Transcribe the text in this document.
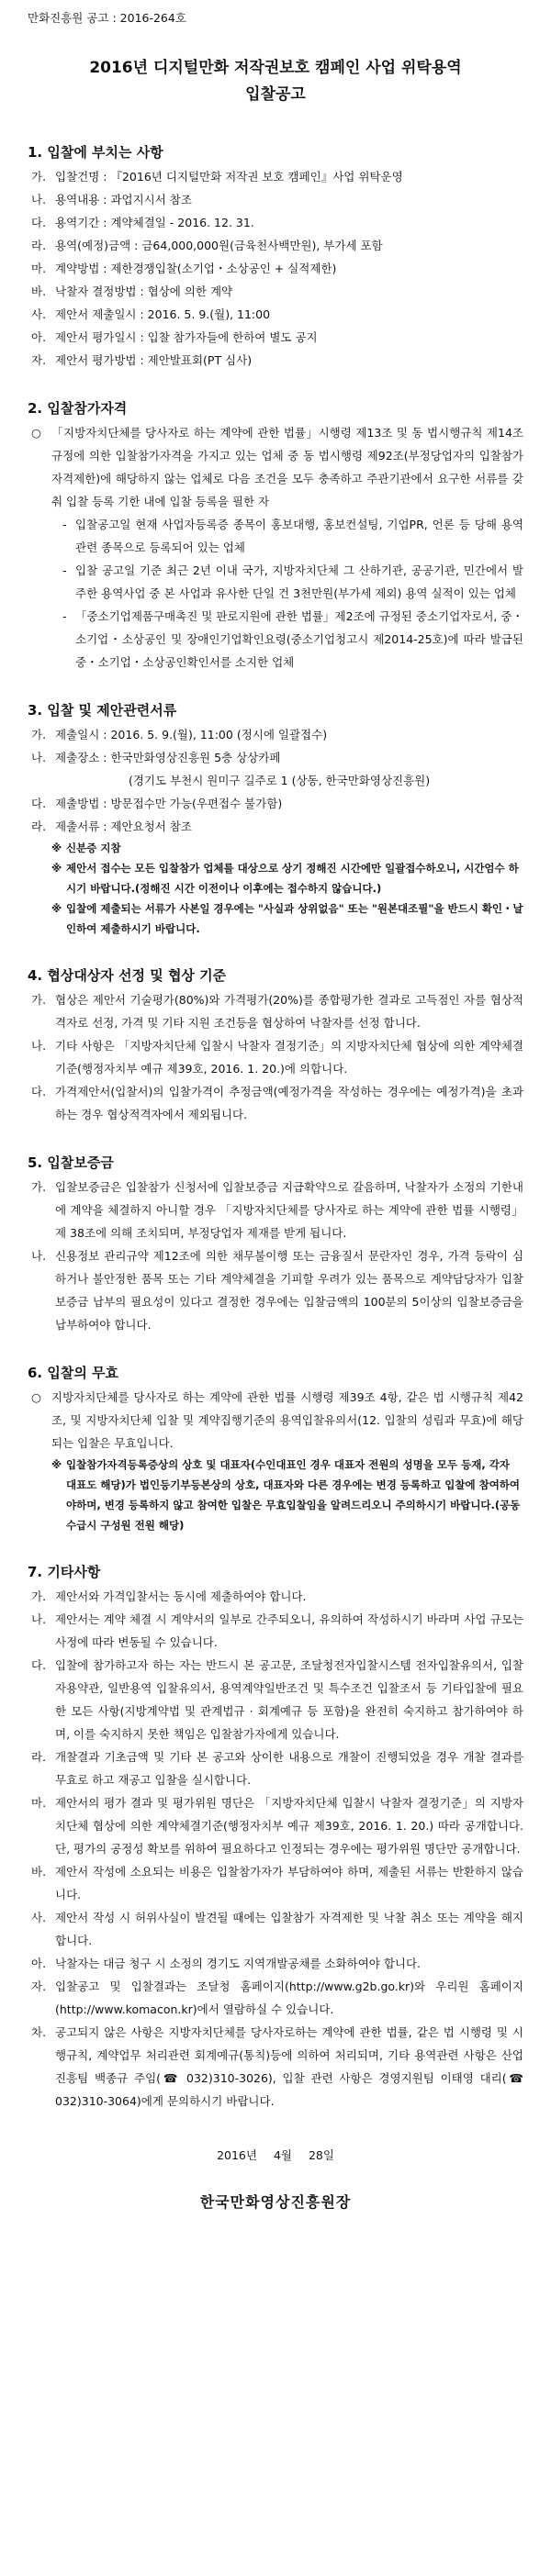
만화진흥원 공고 : 2016-264호
2016년 디지털만화 저작권보호 캠페인 사업 위탁용역
입찰공고
1. 입찰에 부치는 사항
가. 입찰건명 : 『2016년 디지털만화 저작권 보호 캠페인』사업 위탁운영
나. 용역내용 : 과업지시서 참조
다. 용역기간 : 계약체결일 - 2016. 12. 31.
라. 용역(예정)금액 : 금64,000,000원(금육천사백만원), 부가세 포함
마. 계약방법 : 제한경쟁입찰(소기업・소상공인 + 실적제한)
바. 낙찰자 결정방법 : 협상에 의한 계약
사. 제안서 제출일시 : 2016. 5. 9.(월), 11:00
아. 제안서 평가일시 : 입찰 참가자들에 한하여 별도 공지
자. 제안서 평가방법 : 제안발표회(PT 심사)
2. 입찰참가자격
○ 「지방자치단체를 당사자로 하는 계약에 관한 법률」시행령 제13조 및 동 법시행규칙 제14조 규정에 의한 입찰참가자격을 가지고 있는 업체 중 동 법시행령 제92조(부정당업자의 입찰참가자격제한)에 해당하지 않는 업체로 다음 조건을 모두 충족하고 주관기관에서 요구한 서류를 갖춰 입찰 등록 기한 내에 입찰 등록을 필한 자
- 입찰공고일 현재 사업자등록증 종목이 홍보대행, 홍보컨설팅, 기업PR, 언론 등 당해 용역 관련 종목으로 등록되어 있는 업체
- 입찰 공고일 기준 최근 2년 이내 국가, 지방자치단체 그 산하기관, 공공기관, 민간에서 발주한 용역사업 중 본 사업과 유사한 단일 건 3천만원(부가세 제외) 용역 실적이 있는 업체
- 「중소기업제품구매촉진 및 판로지원에 관한 법률」제2조에 규정된 중소기업자로서, 중・소기업・소상공인 및 장애인기업확인요령(중소기업청고시 제2014-25호)에 따라 발급된 중・소기업・소상공인확인서를 소지한 업체
3. 입찰 및 제안관련서류
가. 제출일시 : 2016. 5. 9.(월), 11:00 (정시에 일괄접수)
나. 제출장소 : 한국만화영상진흥원 5층 상상카페
(경기도 부천시 원미구 길주로 1 (상동, 한국만화영상진흥원)
다. 제출방법 : 방문접수만 가능(우편접수 불가함)
라. 제출서류 : 제안요청서 참조
※ 신분증 지참
※ 제안서 접수는 모든 입찰참가 업체를 대상으로 상기 정해진 시간에만 일괄접수하오니, 시간엄수 하시기 바랍니다.(정해진 시간 이전이나 이후에는 접수하지 않습니다.)
※ 입찰에 제출되는 서류가 사본일 경우에는 "사실과 상위없음" 또는 "원본대조필"을 반드시 확인・날인하여 제출하시기 바랍니다.
4. 협상대상자 선정 및 협상 기준
가. 협상은 제안서 기술평가(80%)와 가격평가(20%)를 종합평가한 결과로 고득점인 자를 협상적격자로 선정, 가격 및 기타 지원 조건등을 협상하여 낙찰자를 선정 합니다.
나. 기타 사항은 「지방자치단체 입찰시 낙찰자 결정기준」의 지방자치단체 협상에 의한 계약체결기준(행정자치부 예규 제39호, 2016. 1. 20.)에 의합니다.
다. 가격제안서(입찰서)의 입찰가격이 추정금액(예정가격을 작성하는 경우에는 예정가격)을 초과하는 경우 협상적격자에서 제외됩니다.
5. 입찰보증금
가. 입찰보증금은 입찰참가 신청서에 입찰보증금 지급확약으로 갈음하며, 낙찰자가 소정의 기한내에 계약을 체결하지 아니할 경우 「지방자치단체를 당사자로 하는 계약에 관한 법률 시행령」제 38조에 의해 조치되며, 부정당업자 제재를 받게 됩니다.
나. 신용정보 관리규약 제12조에 의한 채무불이행 또는 금융질서 문란자인 경우, 가격 등락이 심하거나 불안정한 품목 또는 기타 계약체결을 기피할 우려가 있는 품목으로 계약담당자가 입찰보증금 납부의 필요성이 있다고 결정한 경우에는 입찰금액의 100분의 5이상의 입찰보증금을 납부하여야 합니다.
6. 입찰의 무효
○ 지방자치단체를 당사자로 하는 계약에 관한 법률 시행령 제39조 4항, 같은 법 시행규칙 제42조, 및 지방자치단체 입찰 및 계약집행기준의 용역입찰유의서(12. 입찰의 성립과 무효)에 해당되는 입찰은 무효입니다.
※ 입찰참가자격등록증상의 상호 및 대표자(수인대표인 경우 대표자 전원의 성명을 모두 등재, 각자 대표도 해당)가 법인등기부등본상의 상호, 대표자와 다른 경우에는 변경 등록하고 입찰에 참여하여야하며, 변경 등록하지 않고 참여한 입찰은 무효입찰임을 알려드리오니 주의하시기 바랍니다.(공동수급시 구성원 전원 해당)
7. 기타사항
가. 제안서와 가격입찰서는 동시에 제출하여야 합니다.
나. 제안서는 계약 체결 시 계약서의 일부로 간주되오니, 유의하여 작성하시기 바라며 사업 규모는 사정에 따라 변동될 수 있습니다.
다. 입찰에 참가하고자 하는 자는 반드시 본 공고문, 조달청전자입찰시스템 전자입찰유의서, 입찰자용약관, 일반용역 입찰유의서, 용역계약일반조건 및 특수조건 입찰조서 등 기타입찰에 필요한 모든 사항(지방계약법 및 관계법규 · 회계예규 등 포함)을 완전히 숙지하고 참가하여야 하며, 이를 숙지하지 못한 책임은 입찰참가자에게 있습니다.
라. 개찰결과 기초금액 및 기타 본 공고와 상이한 내용으로 개찰이 진행되었을 경우 개찰 결과를 무효로 하고 재공고 입찰을 실시합니다.
마. 제안서의 평가 결과 및 평가위원 명단은 「지방자치단체 입찰시 낙찰자 결정기준」의 지방자치단체 협상에 의한 계약체결기준(행정자치부 예규 제39호, 2016. 1. 20.) 따라 공개합니다. 단, 평가의 공정성 확보를 위하여 필요하다고 인정되는 경우에는 평가위원 명단만 공개합니다.
바. 제안서 작성에 소요되는 비용은 입찰참가자가 부담하여야 하며, 제출된 서류는 반환하지 않습니다.
사. 제안서 작성 시 허위사실이 발견될 때에는 입찰참가 자격제한 및 낙찰 취소 또는 계약을 해지합니다.
아. 낙찰자는 대금 청구 시 소정의 경기도 지역개발공채를 소화하여야 합니다.
자. 입찰공고 및 입찰결과는 조달청 홈페이지(http://www.g2b.go.kr)와 우리원 홈페이지(http://www.komacon.kr)에서 열람하실 수 있습니다.
차. 공고되지 않은 사항은 지방자치단체를 당사자로하는 계약에 관한 법률, 같은 법 시행령 및 시행규칙, 계약업무 처리관련 회계예규(통칙)등에 의하여 처리되며, 기타 용역관련 사항은 산업진흥팀 백종규 주임(☎ 032)310-3026), 입찰 관련 사항은 경영지원팀 이태영 대리(☎ 032)310-3064)에게 문의하시기 바랍니다.
2016년 4월 28일
한국만화영상진흥원장
